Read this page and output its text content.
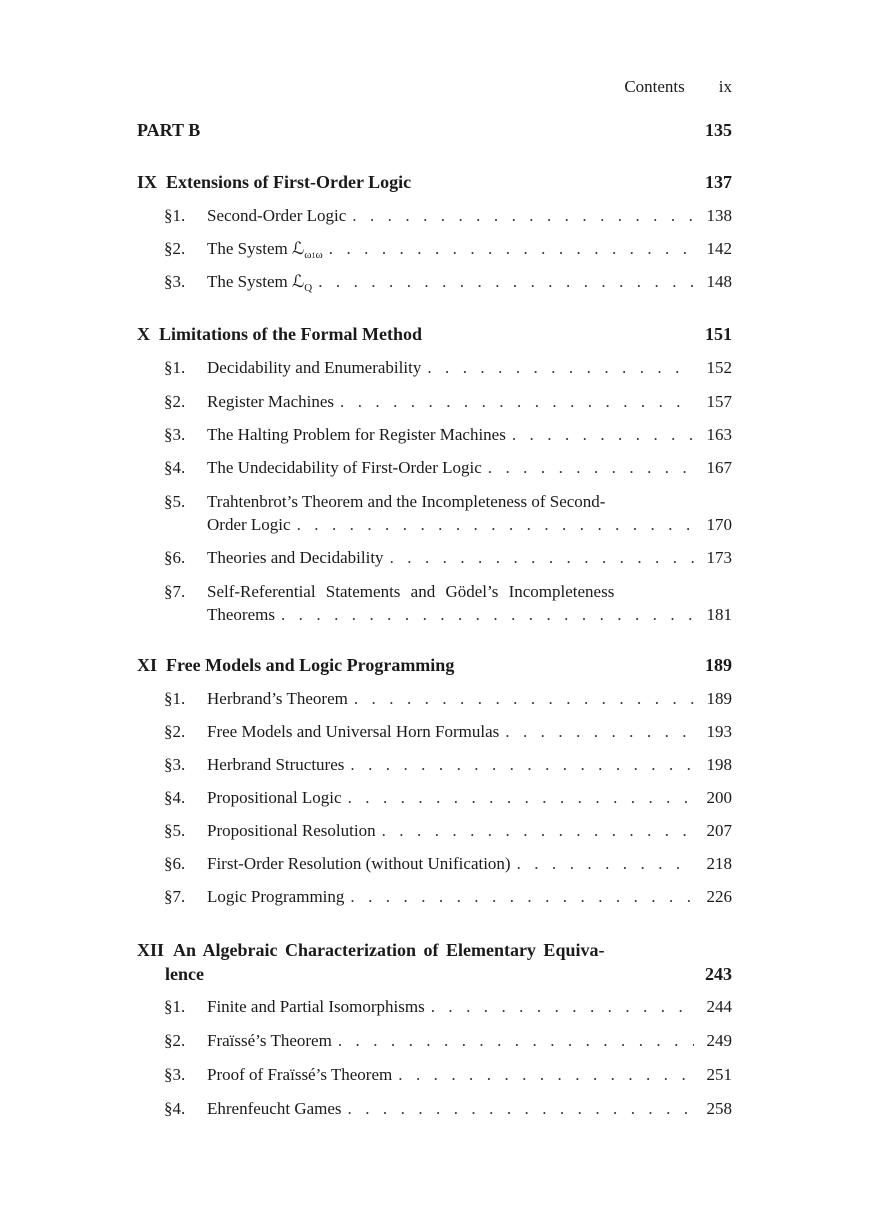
Contents ix
PART B	135
IX Extensions of First-Order Logic	137
§1.	Second-Order Logic . . .	138
§2.	The System ℒ$_{\omega 1\omega}$ . . .	142
§3.	The System ℒ$_Q$ . . .	148
X Limitations of the Formal Method	151
§1.	Decidability and Enumerability . . .	152
§2.	Register Machines . . .	157
§3.	The Halting Problem for Register Machines . . .	163
§4.	The Undecidability of First-Order Logic . . .	167
§5.	Trahtenbrot’s Theorem and the Incompleteness of Second-
Order Logic . . .	170
§6.	Theories and Decidability . . .	173
§7.	Self-Referential Statements and Gödel’s Incompleteness
Theorems . . .	181
XI Free Models and Logic Programming	189
§1.	Herbrand’s Theorem . . .	189
§2.	Free Models and Universal Horn Formulas . . .	193
§3.	Herbrand Structures . . .	198
§4.	Propositional Logic . . .	200
§5.	Propositional Resolution . . .	207
§6.	First-Order Resolution (without Unification) . . .	218
§7.	Logic Programming . . .	226
XII An Algebraic Characterization of Elementary Equiva-
lence	243
§1.	Finite and Partial Isomorphisms . . .	244
§2.	Fraïssé’s Theorem . . .	249
§3.	Proof of Fraïssé’s Theorem . . .	251
§4.	Ehrenfeucht Games . . .	258
